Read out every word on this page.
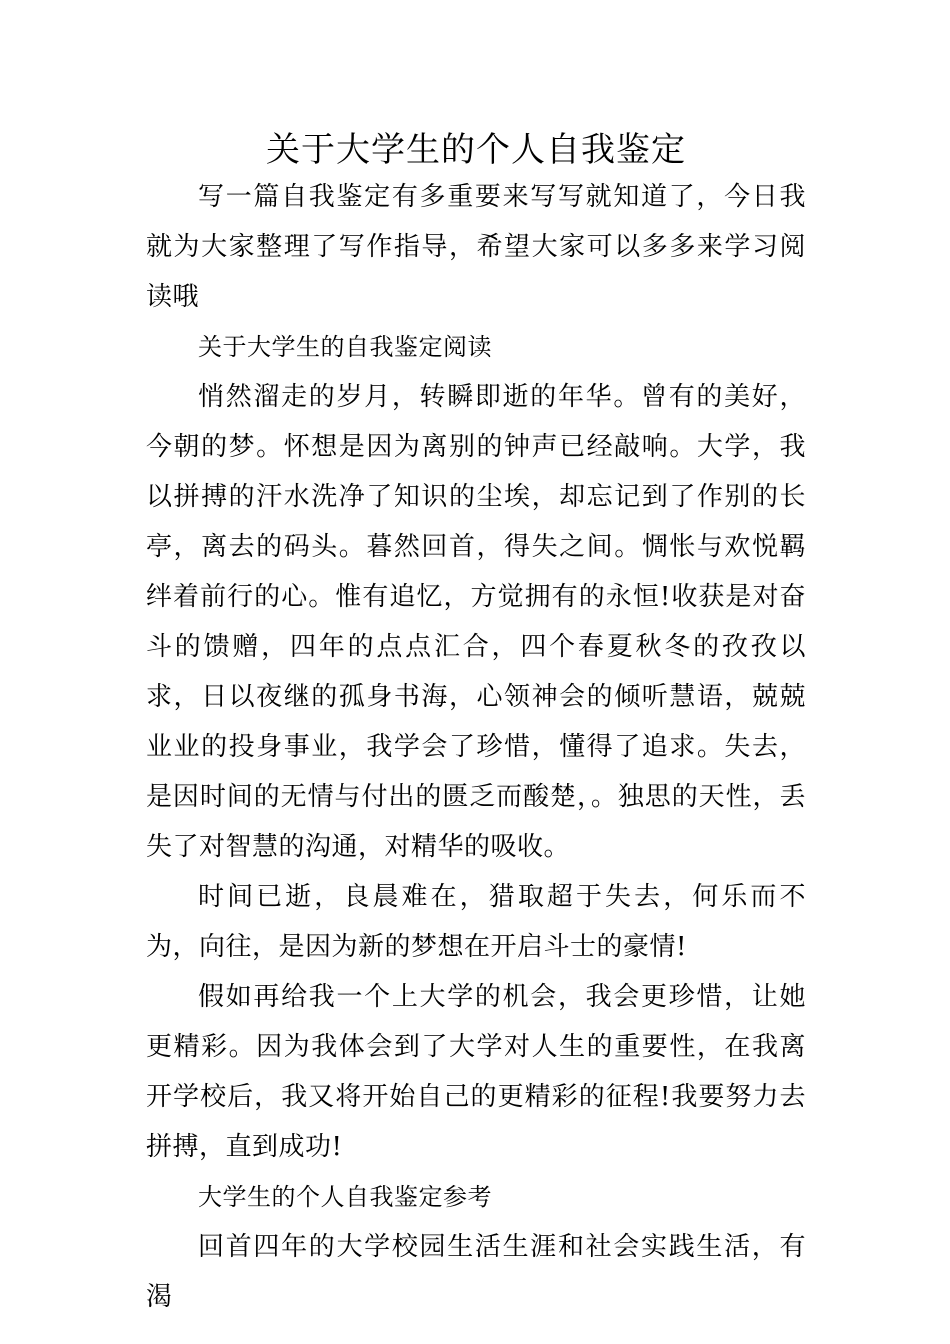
关于大学生的个人自我鉴定

写一篇自我鉴定有多重要来写写就知道了，今日我就为大家整理了写作指导，希望大家可以多多来学习阅读哦

关于大学生的自我鉴定阅读

悄然溜走的岁月，转瞬即逝的年华。曾有的美好，今朝的梦。怀想是因为离别的钟声已经敲响。大学，我以拼搏的汗水洗净了知识的尘埃，却忘记到了作别的长亭，离去的码头。暮然回首，得失之间。惆怅与欢悦羁绊着前行的心。惟有追忆，方觉拥有的永恒!收获是对奋斗的馈赠，四年的点点汇合，四个春夏秋冬的孜孜以求，日以夜继的孤身书海，心领神会的倾听慧语，兢兢业业的投身事业，我学会了珍惜，懂得了追求。失去，是因时间的无情与付出的匮乏而酸楚，。独思的天性，丢失了对智慧的沟通，对精华的吸收。

时间已逝，良晨难在，猎取超于失去，何乐而不为，向往，是因为新的梦想在开启斗士的豪情!

假如再给我一个上大学的机会，我会更珍惜，让她更精彩。因为我体会到了大学对人生的重要性，在我离开学校后，我又将开始自己的更精彩的征程!我要努力去拼搏，直到成功!

大学生的个人自我鉴定参考

回首四年的大学校园生活生涯和社会实践生活，有渴
